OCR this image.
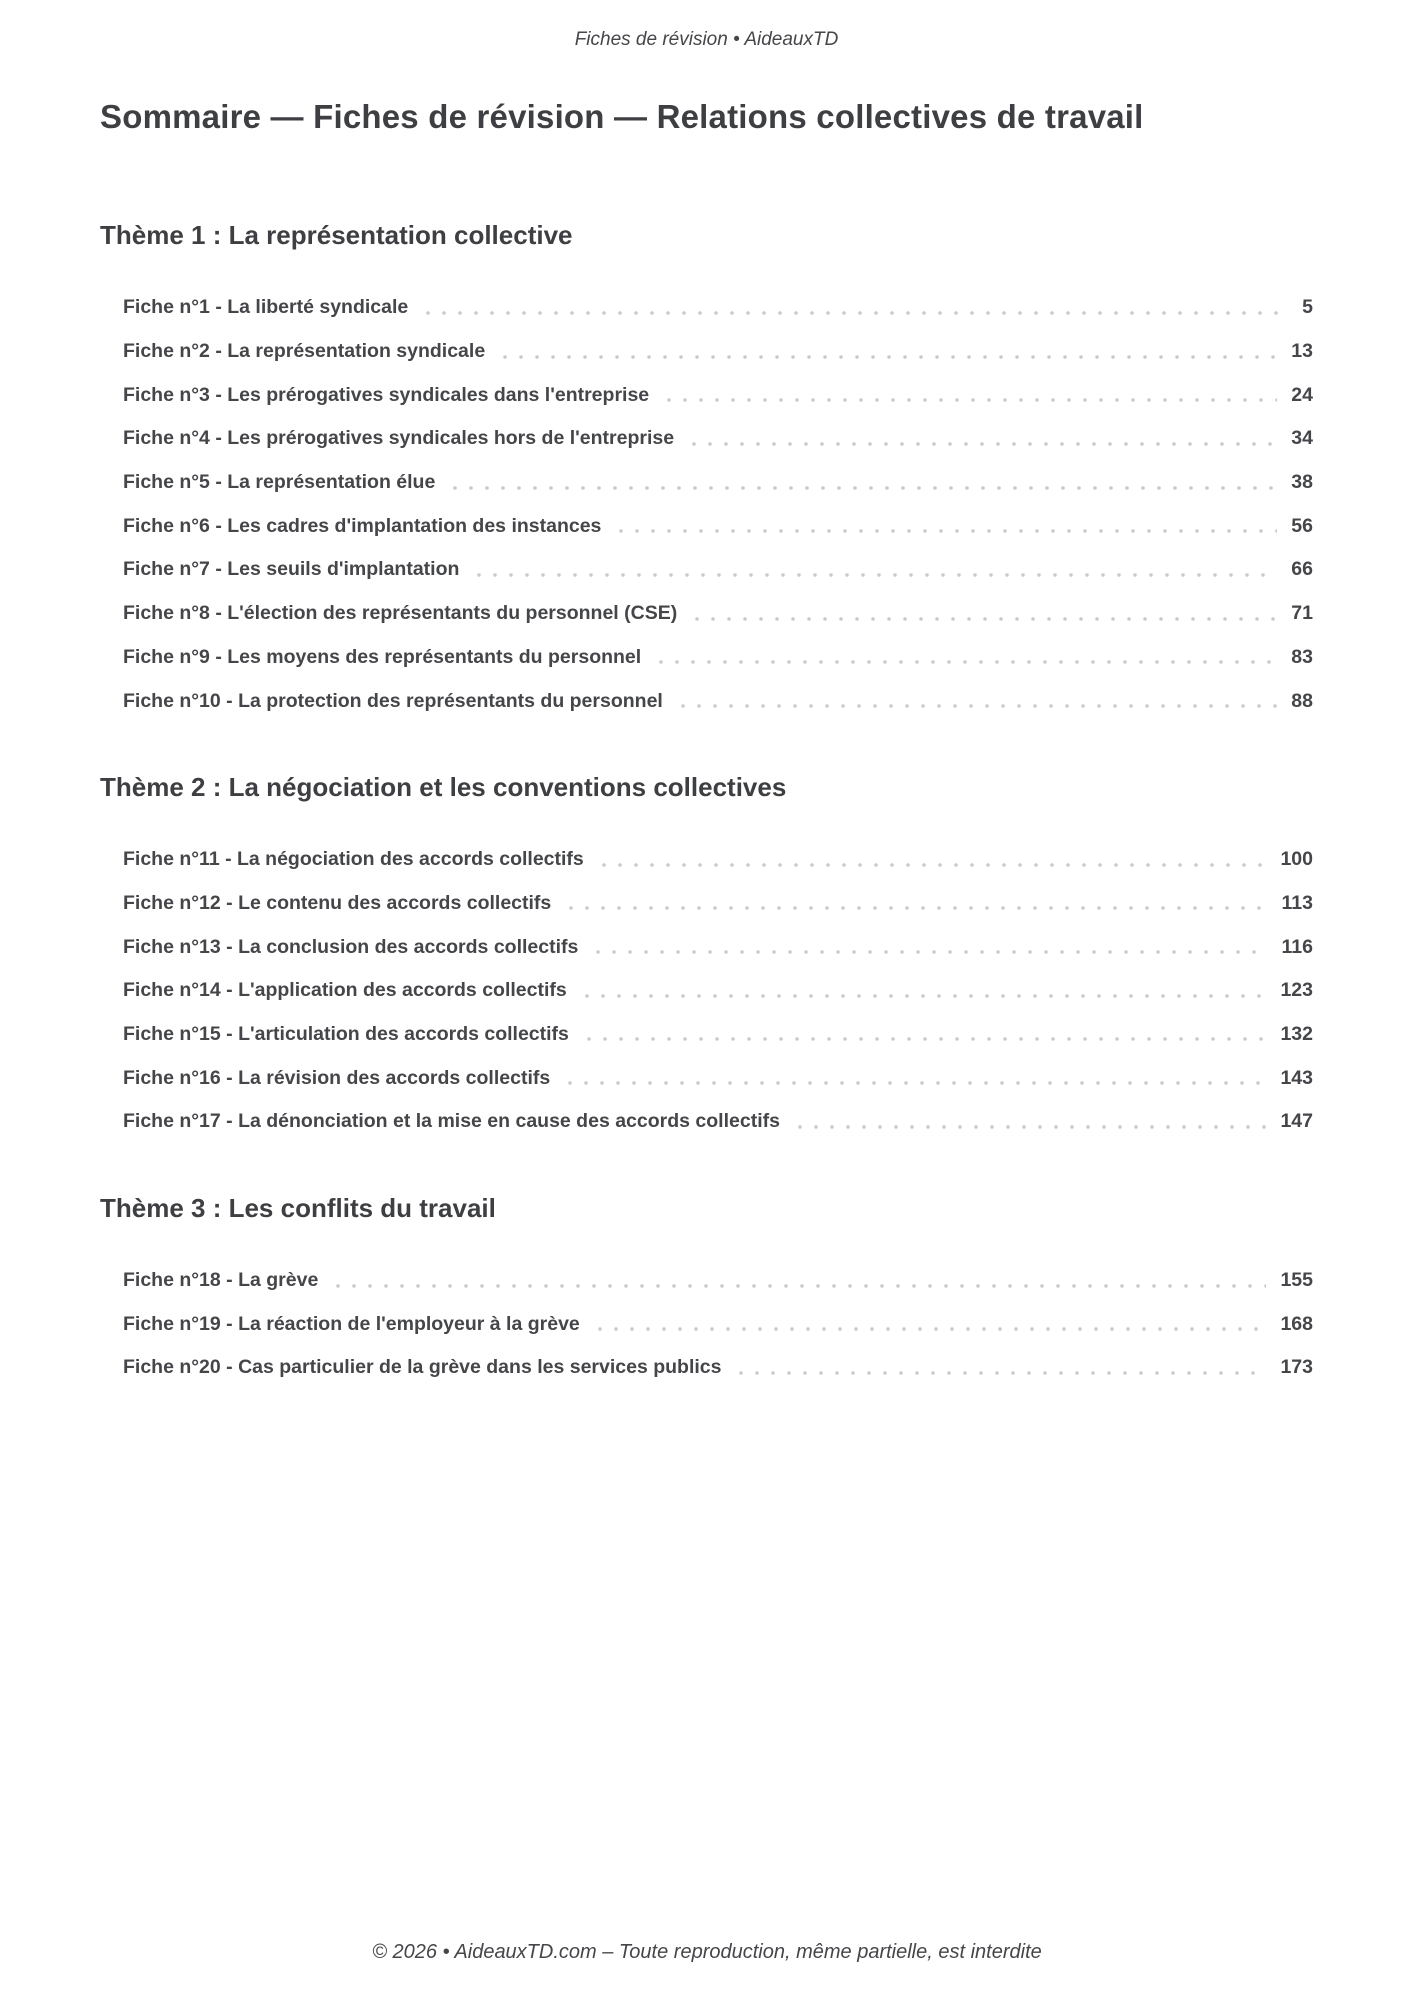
Fiches de révision • AideauxTD
Sommaire — Fiches de révision — Relations collectives de travail
Thème 1 : La représentation collective
Fiche n°1 - La liberté syndicale	5
Fiche n°2 - La représentation syndicale	13
Fiche n°3 - Les prérogatives syndicales dans l'entreprise	24
Fiche n°4 - Les prérogatives syndicales hors de l'entreprise	34
Fiche n°5 - La représentation élue	38
Fiche n°6 - Les cadres d'implantation des instances	56
Fiche n°7 - Les seuils d'implantation	66
Fiche n°8 - L'élection des représentants du personnel (CSE)	71
Fiche n°9 - Les moyens des représentants du personnel	83
Fiche n°10 - La protection des représentants du personnel	88
Thème 2 : La négociation et les conventions collectives
Fiche n°11 - La négociation des accords collectifs	100
Fiche n°12 - Le contenu des accords collectifs	113
Fiche n°13 - La conclusion des accords collectifs	116
Fiche n°14 - L'application des accords collectifs	123
Fiche n°15 - L'articulation des accords collectifs	132
Fiche n°16 - La révision des accords collectifs	143
Fiche n°17 - La dénonciation et la mise en cause des accords collectifs	147
Thème 3 : Les conflits du travail
Fiche n°18 - La grève	155
Fiche n°19 - La réaction de l'employeur à la grève	168
Fiche n°20 - Cas particulier de la grève dans les services publics	173
© 2026 • AideauxTD.com – Toute reproduction, même partielle, est interdite
